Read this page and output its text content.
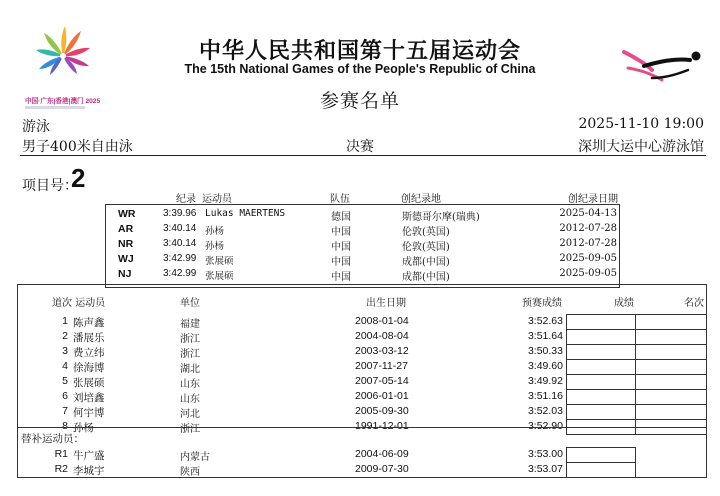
中国·广东|香港|澳门 2025
中华人民共和国第十五届运动会
The 15th National Games of the People's Republic of China
参赛名单
游泳	2025-11-10 19:00
男子400米自由泳	决赛	深圳大运中心游泳馆
项目号：
2
纪录 运动员	队伍	创纪录地	创纪录日期
WR	3:39.96 Lukas MAERTENS	德国	斯德哥尔摩(瑞典)	2025-04-13
AR	3:40.14 孙杨	中国	伦敦(英国)	2012-07-28
NR	3:40.14 孙杨	中国	伦敦(英国)	2012-07-28
WJ	3:42.99 张展硕	中国	成都(中国)	2025-09-05
NJ	3:42.99 张展硕	中国	成都(中国)	2025-09-05
道次 运动员	单位	出生日期	预赛成绩	成绩	名次
1 陈声鑫	福建	2008-01-04	3:52.63
2 潘展乐	浙江	2004-08-04	3:51.64
3 费立纬	浙江	2003-03-12	3:50.33
4 徐海博	湖北	2007-11-27	3:49.60
5 张展硕	山东	2007-05-14	3:49.92
6 刘培鑫	山东	2006-01-01	3:51.16
7 何宇博	河北	2005-09-30	3:52.03
8 孙杨	浙江	1991-12-01	3:52.90
替补运动员：
R1 牛广盛	内蒙古	2004-06-09	3:53.00
R2 李城宇	陕西	2009-07-30	3:53.07
